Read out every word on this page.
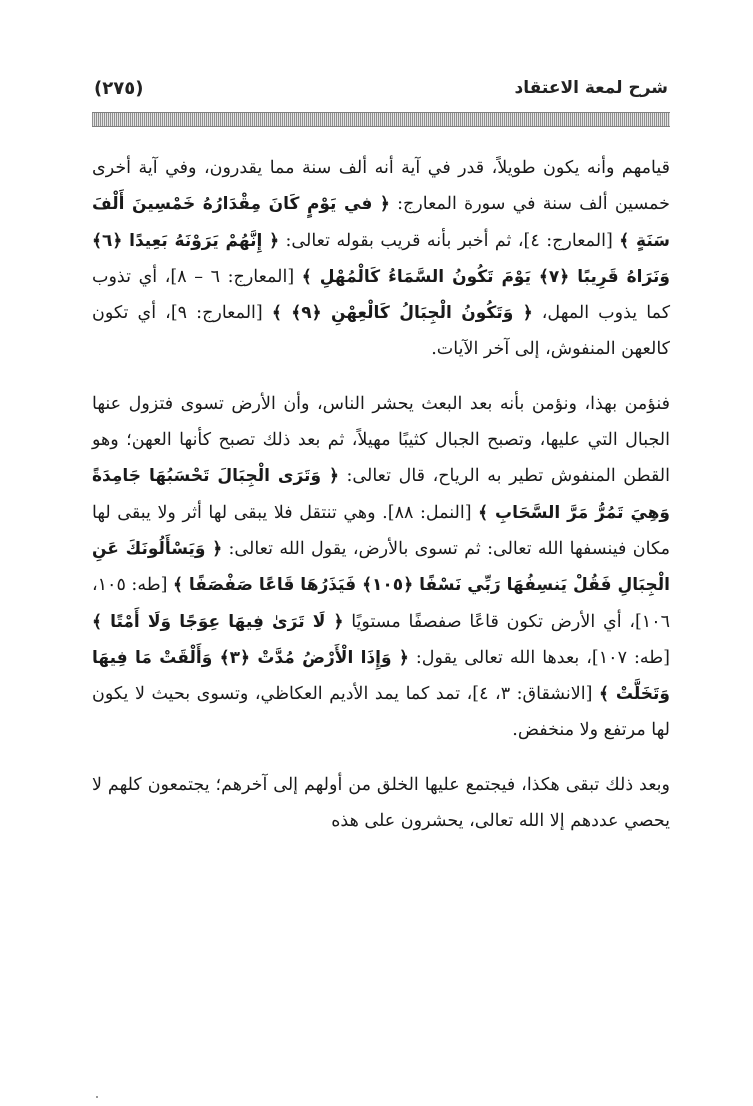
شرح لمعة الاعتقاد
(٢٧٥)

قيامهم وأنه يكون طويلاً، قدر في آية أنه ألف سنة مما يقدرون، وفي آية أخرى خمسين ألف سنة في سورة المعارج: ﴿ في يَوْمٍ كَانَ مِقْدَارُهُ خَمْسِينَ أَلْفَ سَنَةٍ ﴾ [المعارج: ٤]، ثم أخبر بأنه قريب بقوله تعالى: ﴿ إِنَّهُمْ يَرَوْنَهُ بَعِيدًا ﴿٦﴾ وَنَرَاهُ قَرِيبًا ﴿٧﴾ يَوْمَ تَكُونُ السَّمَاءُ كَالْمُهْلِ ﴾ [المعارج: ٦ – ٨]، أي تذوب كما يذوب المهل، ﴿ وَتَكُونُ الْجِبَالُ كَالْعِهْنِ ﴿٩﴾ ﴾ [المعارج: ٩]، أي تكون كالعهن المنفوش، إلى آخر الآيات.

فنؤمن بهذا، ونؤمن بأنه بعد البعث يحشر الناس، وأن الأرض تسوى فتزول عنها الجبال التي عليها، وتصبح الجبال كثيبًا مهيلاً، ثم بعد ذلك تصبح كأنها العهن؛ وهو القطن المنفوش تطير به الرياح، قال تعالى: ﴿ وَتَرَى الْجِبَالَ تَحْسَبُهَا جَامِدَةً وَهِيَ تَمُرُّ مَرَّ السَّحَابِ ﴾ [النمل: ٨٨]. وهي تنتقل فلا يبقى لها أثر ولا يبقى لها مكان فينسفها الله تعالى: ثم تسوى بالأرض، يقول الله تعالى: ﴿ وَيَسْأَلُونَكَ عَنِ الْجِبَالِ فَقُلْ يَنسِفُهَا رَبِّي نَسْفًا ﴿١٠٥﴾ فَيَذَرُهَا قَاعًا صَفْصَفًا ﴾ [طه: ١٠٥، ١٠٦]، أي الأرض تكون قاعًا صفصفًا مستويًا ﴿ لَا تَرَىٰ فِيهَا عِوَجًا وَلَا أَمْتًا ﴾ [طه: ١٠٧]، بعدها الله تعالى يقول: ﴿ وَإِذَا الْأَرْضُ مُدَّتْ ﴿٣﴾ وَأَلْقَتْ مَا فِيهَا وَتَخَلَّتْ ﴾ [الانشقاق: ٣، ٤]، تمد كما يمد الأديم العكاظي، وتسوى بحيث لا يكون لها مرتفع ولا منخفض.

وبعد ذلك تبقى هكذا، فيجتمع عليها الخلق من أولهم إلى آخرهم؛ يجتمعون كلهم لا يحصي عددهم إلا الله تعالى، يحشرون على هذه
